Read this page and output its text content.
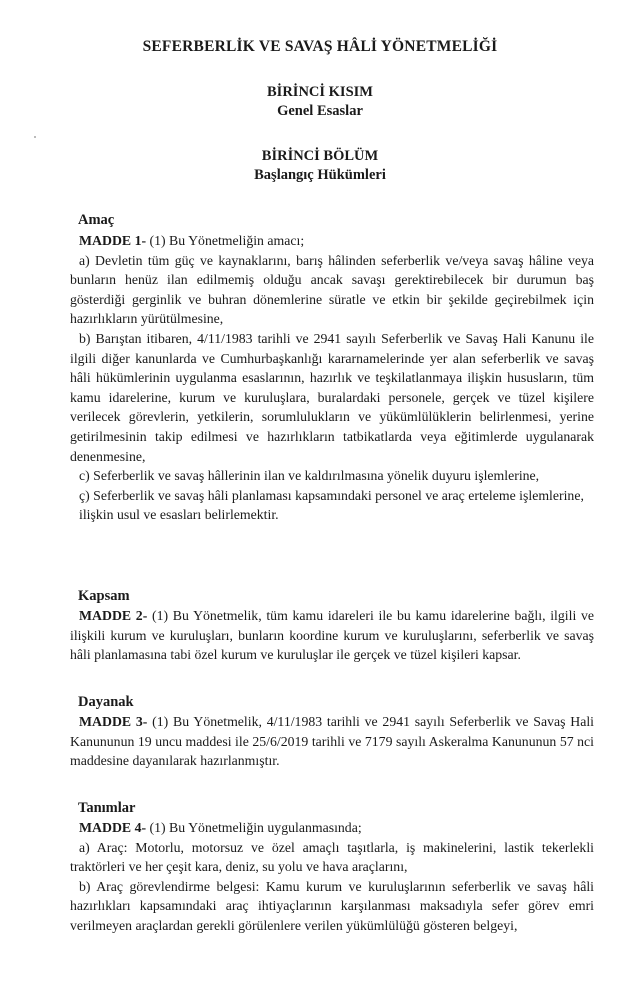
SEFERBERLİK VE SAVAŞ HÂLİ YÖNETMELİĞİ
BİRİNCİ KISIM
Genel Esaslar
BİRİNCİ BÖLÜM
Başlangıç Hükümleri
Amaç

MADDE 1- (1) Bu Yönetmeliğin amacı;

a) Devletin tüm güç ve kaynaklarını, barış hâlinden seferberlik ve/veya savaş hâline veya bunların henüz ilan edilmemiş olduğu ancak savaşı gerektirebilecek bir durumun baş gösterdiği gerginlik ve buhran dönemlerine süratle ve etkin bir şekilde geçirebilmek için hazırlıkların yürütülmesine,

b) Barıştan itibaren, 4/11/1983 tarihli ve 2941 sayılı Seferberlik ve Savaş Hali Kanunu ile ilgili diğer kanunlarda ve Cumhurbaşkanlığı kararnamelerinde yer alan seferberlik ve savaş hâli hükümlerinin uygulanma esaslarının, hazırlık ve teşkilatlanmaya ilişkin hususların, tüm kamu idarelerine, kurum ve kuruluşlara, buralardaki personele, gerçek ve tüzel kişilere verilecek görevlerin, yetkilerin, sorumlulukların ve yükümlülüklerin belirlenmesi, yerine getirilmesinin takip edilmesi ve hazırlıkların tatbikatlarda veya eğitimlerde uygulanarak denenmesine,

c) Seferberlik ve savaş hâllerinin ilan ve kaldırılmasına yönelik duyuru işlemlerine,

ç) Seferberlik ve savaş hâli planlaması kapsamındaki personel ve araç erteleme işlemlerine,

ilişkin usul ve esasları belirlemektir.

Kapsam

MADDE 2- (1) Bu Yönetmelik, tüm kamu idareleri ile bu kamu idarelerine bağlı, ilgili ve ilişkili kurum ve kuruluşları, bunların koordine kurum ve kuruluşlarını, seferberlik ve savaş hâli planlamasına tabi özel kurum ve kuruluşlar ile gerçek ve tüzel kişileri kapsar.

Dayanak

MADDE 3- (1) Bu Yönetmelik, 4/11/1983 tarihli ve 2941 sayılı Seferberlik ve Savaş Hali Kanununun 19 uncu maddesi ile 25/6/2019 tarihli ve 7179 sayılı Askeralma Kanununun 57 nci maddesine dayanılarak hazırlanmıştır.

Tanımlar

MADDE 4- (1) Bu Yönetmeliğin uygulanmasında;

a) Araç: Motorlu, motorsuz ve özel amaçlı taşıtlarla, iş makinelerini, lastik tekerlekli traktörleri ve her çeşit kara, deniz, su yolu ve hava araçlarını,

b) Araç görevlendirme belgesi: Kamu kurum ve kuruluşlarının seferberlik ve savaş hâli hazırlıkları kapsamındaki araç ihtiyaçlarının karşılanması maksadıyla sefer görev emri verilmeyen araçlardan gerekli görülenlere verilen yükümlülüğü gösteren belgeyi,
